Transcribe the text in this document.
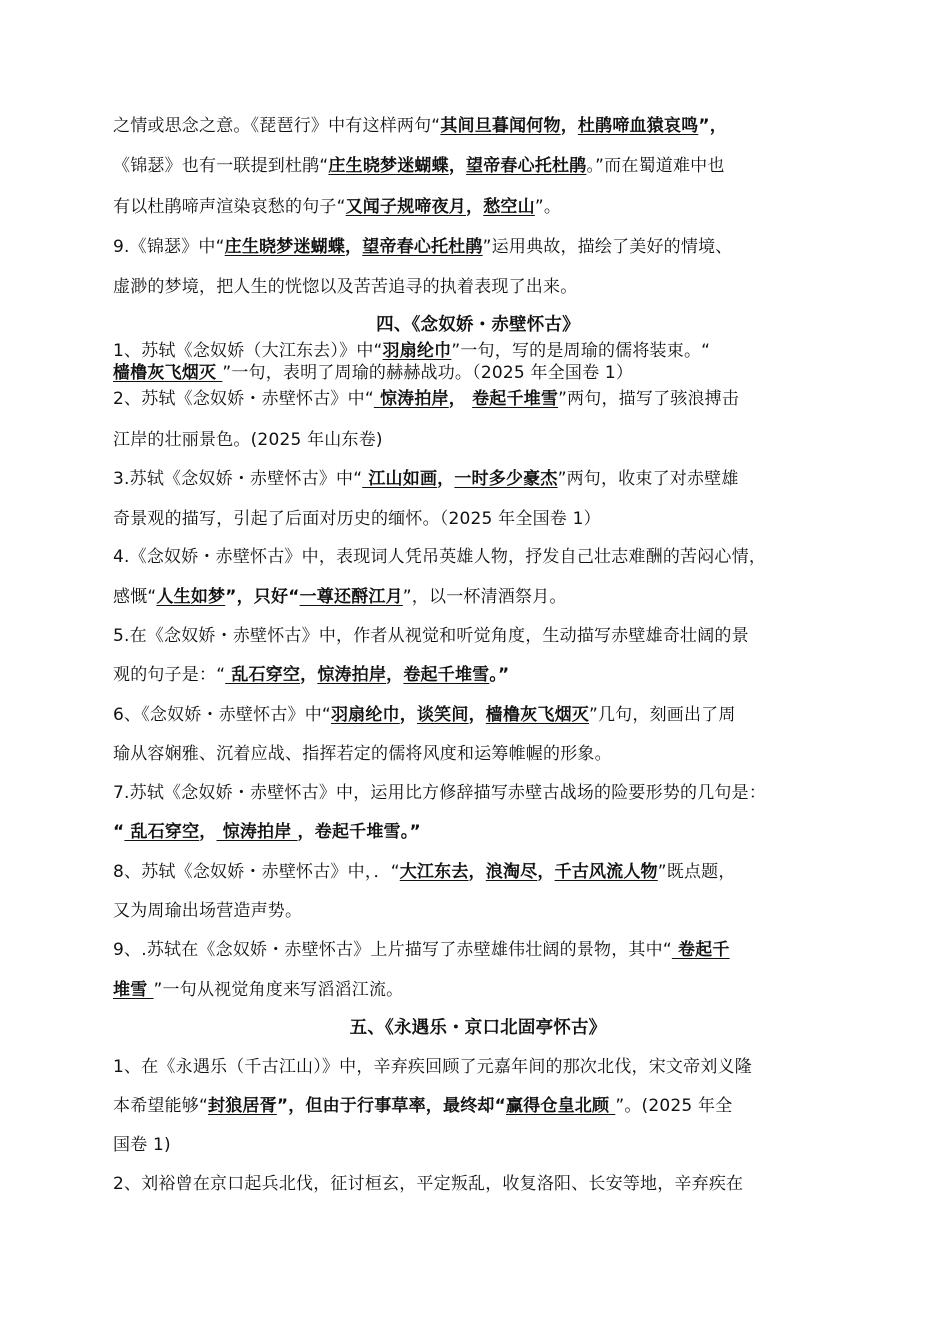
之情或思念之意。《琵琶行》中有这样两句“其间旦暮闻何物，杜鹃啼血猿哀鸣”，
《锦瑟》也有一联提到杜鹃“庄生晓梦迷蝴蝶，望帝春心托杜鹃。”而在蜀道难中也
有以杜鹃啼声渲染哀愁的句子“又闻子规啼夜月，愁空山”。
9.《锦瑟》中“庄生晓梦迷蝴蝶，望帝春心托杜鹃”运用典故，描绘了美好的情境、
虚渺的梦境，把人生的恍惚以及苦苦追寻的执着表现了出来。
四、《念奴娇・赤壁怀古》
1、苏轼《念奴娇（大江东去）》中“羽扇纶巾”一句，写的是周瑜的儒将装束。“
樯橹灰飞烟灭 ”一句，表明了周瑜的赫赫战功。（2025 年全国卷 1）
2、苏轼《念奴娇・赤壁怀古》中“ 惊涛拍岸， 卷起千堆雪”两句，描写了骇浪搏击
江岸的壮丽景色。(2025 年山东卷)
3.苏轼《念奴娇・赤壁怀古》中“ 江山如画，一时多少豪杰”两句，收束了对赤壁雄
奇景观的描写，引起了后面对历史的缅怀。（2025 年全国卷 1）
4.《念奴娇・赤壁怀古》中，表现词人凭吊英雄人物，抒发自己壮志难酬的苦闷心情，
感慨“人生如梦”，只好“一尊还酹江月”，以一杯清酒祭月。
5.在《念奴娇・赤壁怀古》中，作者从视觉和听觉角度，生动描写赤壁雄奇壮阔的景
观的句子是：“ 乱石穿空，惊涛拍岸，卷起千堆雪。”
6、《念奴娇・赤壁怀古》中“羽扇纶巾，谈笑间，樯橹灰飞烟灭”几句，刻画出了周
瑜从容娴雅、沉着应战、指挥若定的儒将风度和运筹帷幄的形象。
7.苏轼《念奴娇・赤壁怀古》中，运用比方修辞描写赤壁古战场的险要形势的几句是：
“ 乱石穿空， 惊涛拍岸 ，卷起千堆雪。”
8、苏轼《念奴娇・赤壁怀古》中，．“大江东去，浪淘尽，千古风流人物”既点题，
又为周瑜出场营造声势。
9、.苏轼在《念奴娇・赤壁怀古》上片描写了赤壁雄伟壮阔的景物，其中“ 卷起千
堆雪 ”一句从视觉角度来写滔滔江流。
五、《永遇乐・京口北固亭怀古》
1、在《永遇乐（千古江山）》中，辛弃疾回顾了元嘉年间的那次北伐，宋文帝刘义隆
本希望能够“封狼居胥”，但由于行事草率，最终却“赢得仓皇北顾 ”。(2025 年全
国卷 1)
2、刘裕曾在京口起兵北伐，征讨桓玄，平定叛乱，收复洛阳、长安等地，辛弃疾在
